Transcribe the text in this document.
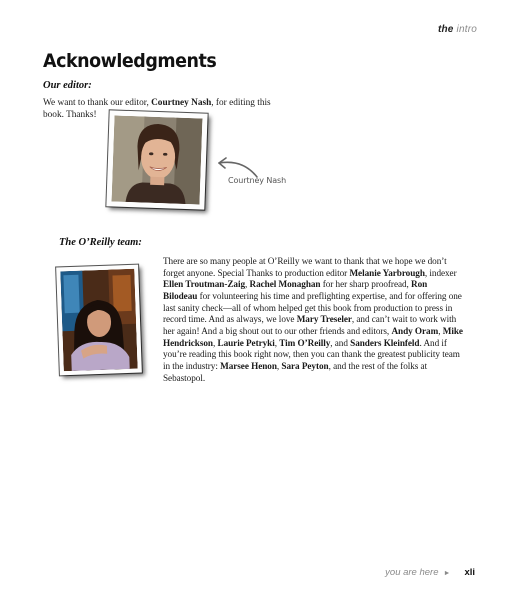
the intro
Acknowledgments

Our editor:

We want to thank our editor, Courtney Nash, for editing this book. Thanks!

Courtney Nash

The O’Reilly team:

There are so many people at O’Reilly we want to thank that we hope we don’t forget anyone. Special Thanks to production editor Melanie Yarbrough, indexer Ellen Troutman-Zaig, Rachel Monaghan for her sharp proofread, Ron Bilodeau for volunteering his time and preflighting expertise, and for offering one last sanity check—all of whom helped get this book from production to press in record time. And as always, we love Mary Treseler, and can’t wait to work with her again! And a big shout out to our other friends and editors, Andy Oram, Mike Hendrickson, Laurie Petryki, Tim O’Reilly, and Sanders Kleinfeld. And if you’re reading this book right now, then you can thank the greatest publicity team in the industry: Marsee Henon, Sara Peyton, and the rest of the folks at Sebastopol.

you are here ► xli
